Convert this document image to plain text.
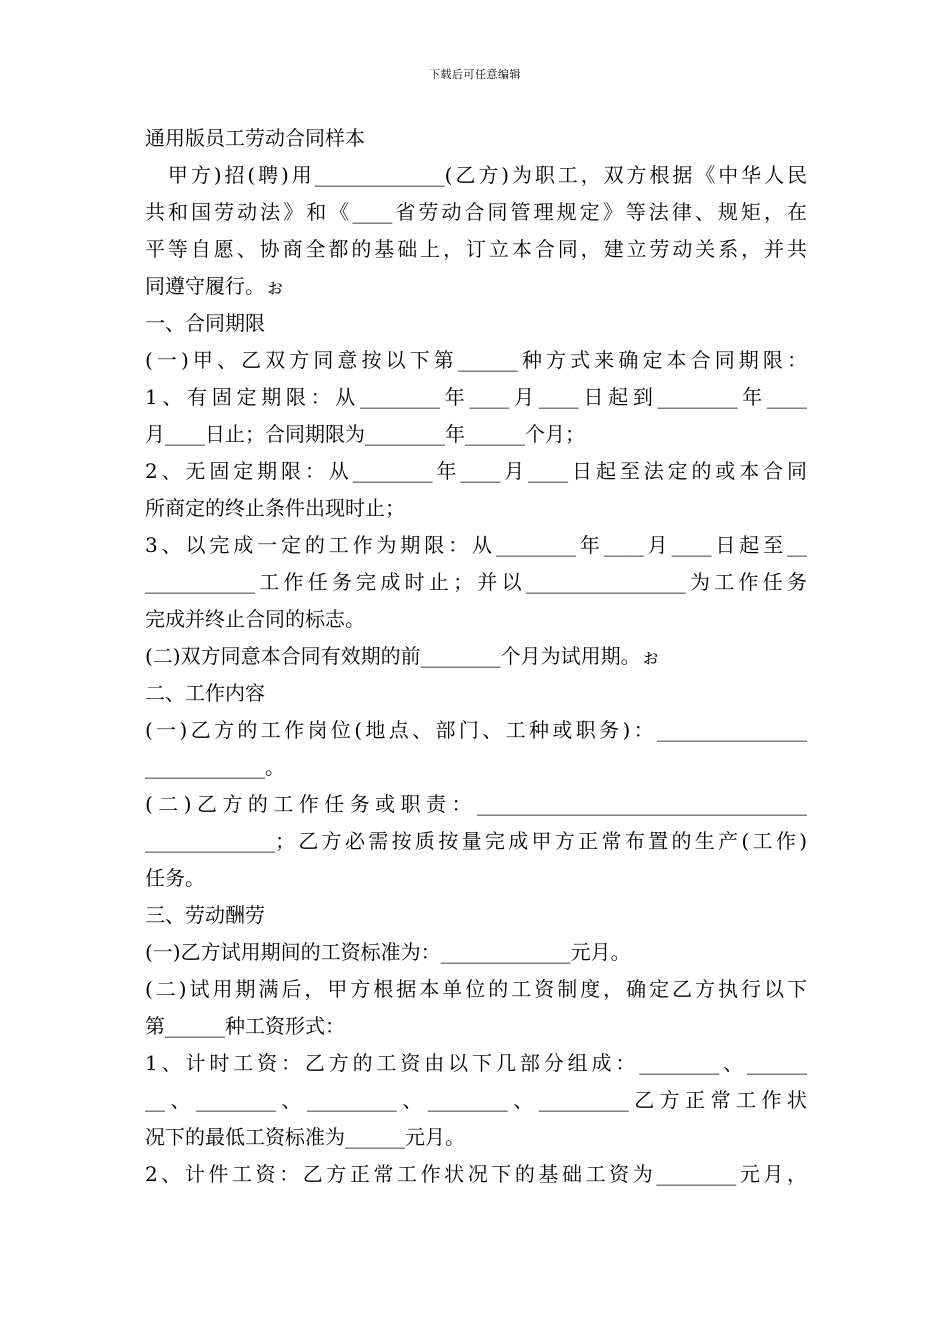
下载后可任意编辑
通用版员工劳动合同样本
　甲方)招(聘)用_____________(乙方)为职工，双方根据《中华人民
共和国劳动法》和《____省劳动合同管理规定》等法律、规矩，在
平等自愿、协商全都的基础上，订立本合同，建立劳动关系，并共
同遵守履行。ぉ
一、合同期限
(一)甲、乙双方同意按以下第______种方式来确定本合同期限：
1、有固定期限：从________年____月____日起到________年____
月____日止；合同期限为________年______个月；
2、无固定期限：从________年____月____日起至法定的或本合同
所商定的终止条件出现时止；
3、以完成一定的工作为期限：从________年____月____日起至__
___________工作任务完成时止；并以________________为工作任务
完成并终止合同的标志。
(二)双方同意本合同有效期的前________个月为试用期。ぉ
二、工作内容
(一)乙方的工作岗位(地点、部门、工种或职务)：_______________
____________。
(二)乙方的工作任务或职责：_________________________________
_____________；乙方必需按质按量完成甲方正常布置的生产(工作)
任务。
三、劳动酬劳
(一)乙方试用期间的工资标准为：_____________元月。
(二)试用期满后，甲方根据本单位的工资制度，确定乙方执行以下
第______种工资形式：
1、计时工资：乙方的工资由以下几部分组成：________、______
__、________、_________、________、_________乙方正常工作状
况下的最低工资标准为______元月。
2、计件工资：乙方正常工作状况下的基础工资为________元月，
